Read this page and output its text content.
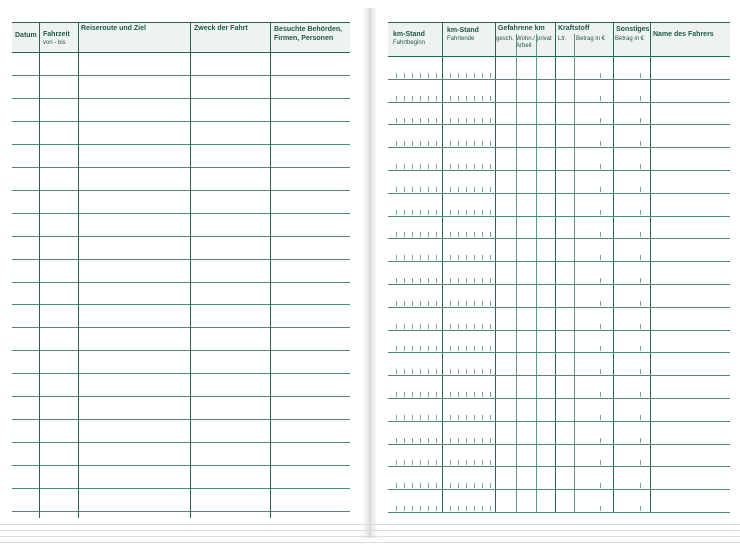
Datum Fahrzeit
von - bis
Reiseroute und Ziel	Zweck der Fahrt	Besuchte Behörden, Firmen, Personen
km-Stand
Fahrtbeginn
km-Stand
Fahrtende
Gefahrene km
gesch. Wohn./ Arbeit
privat
Kraftstoff
Ltr. Betrag in €
Sonstiges
Betrag in €
Name des Fahrers
